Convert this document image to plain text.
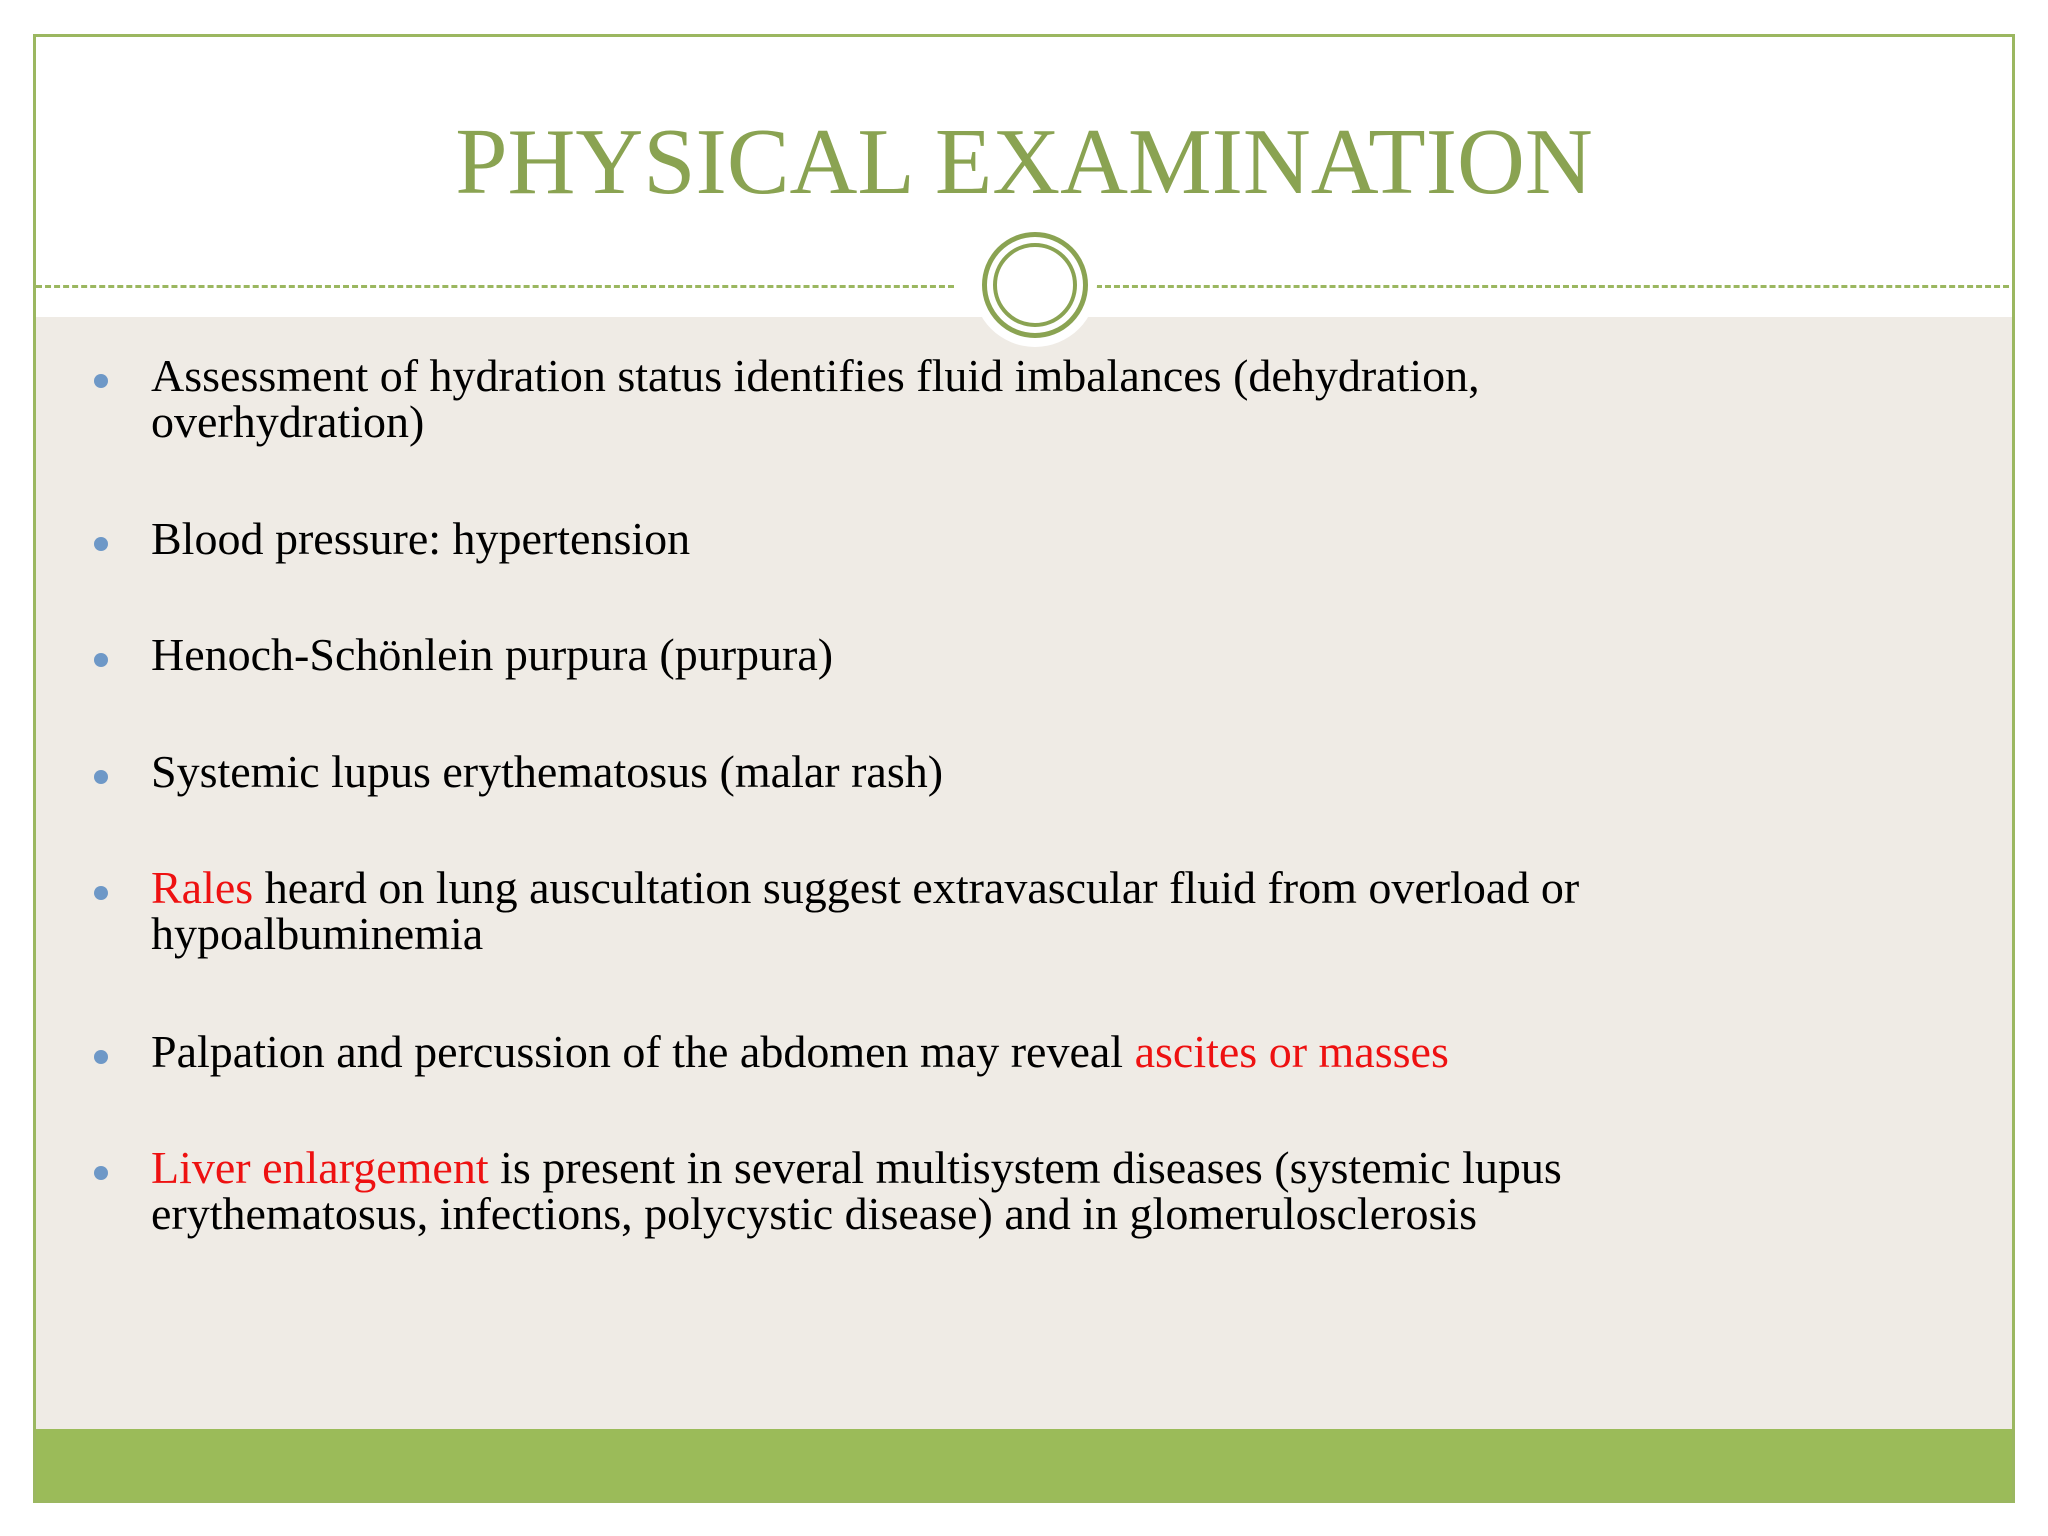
PHYSICAL EXAMINATION
Assessment of hydration status identifies fluid imbalances (dehydration,
overhydration)
Blood pressure: hypertension
Henoch-Schönlein purpura (purpura)
Systemic lupus erythematosus (malar rash)
Rales heard on lung auscultation suggest extravascular fluid from overload or
hypoalbuminemia
Palpation and percussion of the abdomen may reveal ascites or masses
Liver enlargement is present in several multisystem diseases (systemic lupus
erythematosus, infections, polycystic disease) and in glomerulosclerosis
